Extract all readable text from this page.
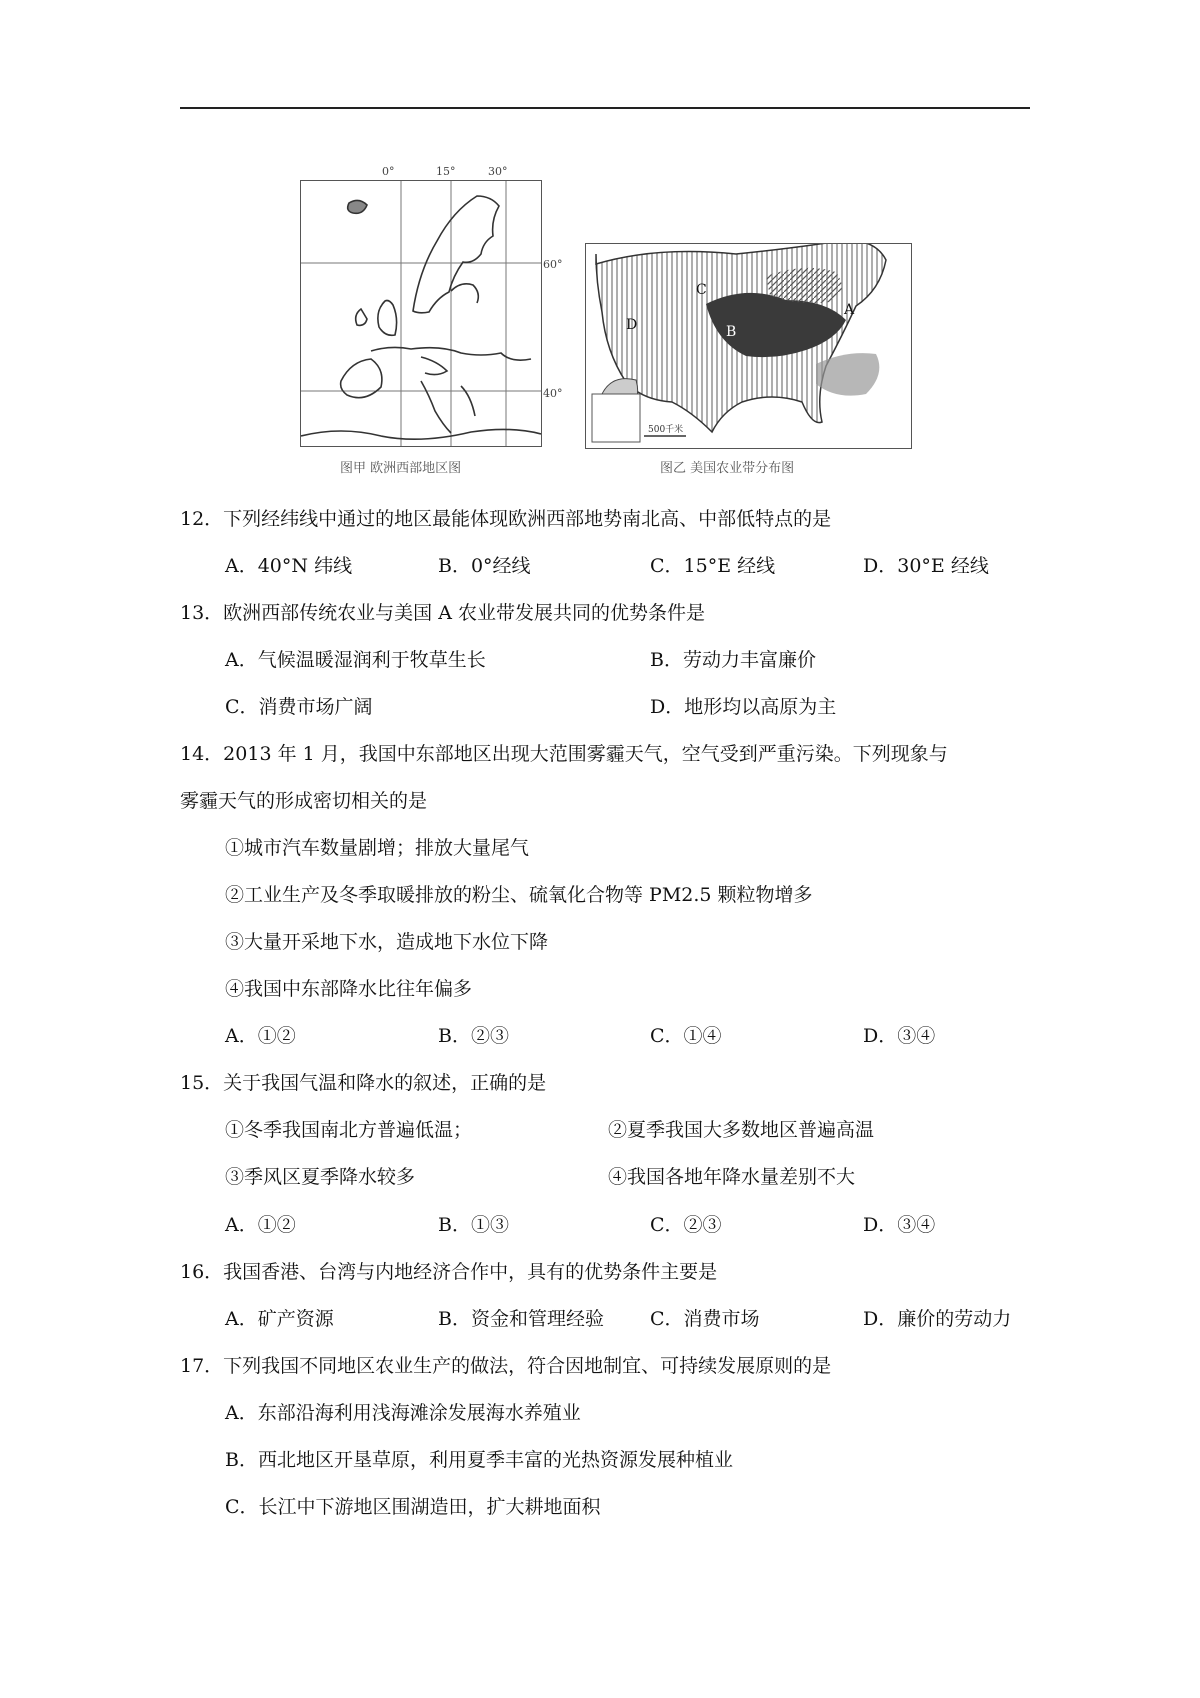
0°	15°	30°
60°
40°
C
D	B
A
500千米
图甲 欧洲西部地区图	图乙 美国农业带分布图
12．下列经纬线中通过的地区最能体现欧洲西部地势南北高、中部低特点的是
A．40°N 纬线	B．0°经线	C．15°E 经线	D．30°E 经线
13．欧洲西部传统农业与美国 A 农业带发展共同的优势条件是
A．气候温暖湿润利于牧草生长	B．劳动力丰富廉价
C．消费市场广阔	D．地形均以高原为主
14．2013 年 1 月，我国中东部地区出现大范围雾霾天气，空气受到严重污染。下列现象与
雾霾天气的形成密切相关的是
①城市汽车数量剧增；排放大量尾气
②工业生产及冬季取暖排放的粉尘、硫氧化合物等 PM2.5 颗粒物增多
③大量开采地下水，造成地下水位下降
④我国中东部降水比往年偏多
A．①②	B．②③	C．①④	D．③④
15．关于我国气温和降水的叙述，正确的是
①冬季我国南北方普遍低温；	②夏季我国大多数地区普遍高温
③季风区夏季降水较多	④我国各地年降水量差别不大
A．①②	B．①③	C．②③	D．③④
16．我国香港、台湾与内地经济合作中，具有的优势条件主要是
A．矿产资源	B．资金和管理经验 C．消费市场	D．廉价的劳动力
17．下列我国不同地区农业生产的做法，符合因地制宜、可持续发展原则的是
A．东部沿海利用浅海滩涂发展海水养殖业
B．西北地区开垦草原，利用夏季丰富的光热资源发展种植业
C．长江中下游地区围湖造田，扩大耕地面积
